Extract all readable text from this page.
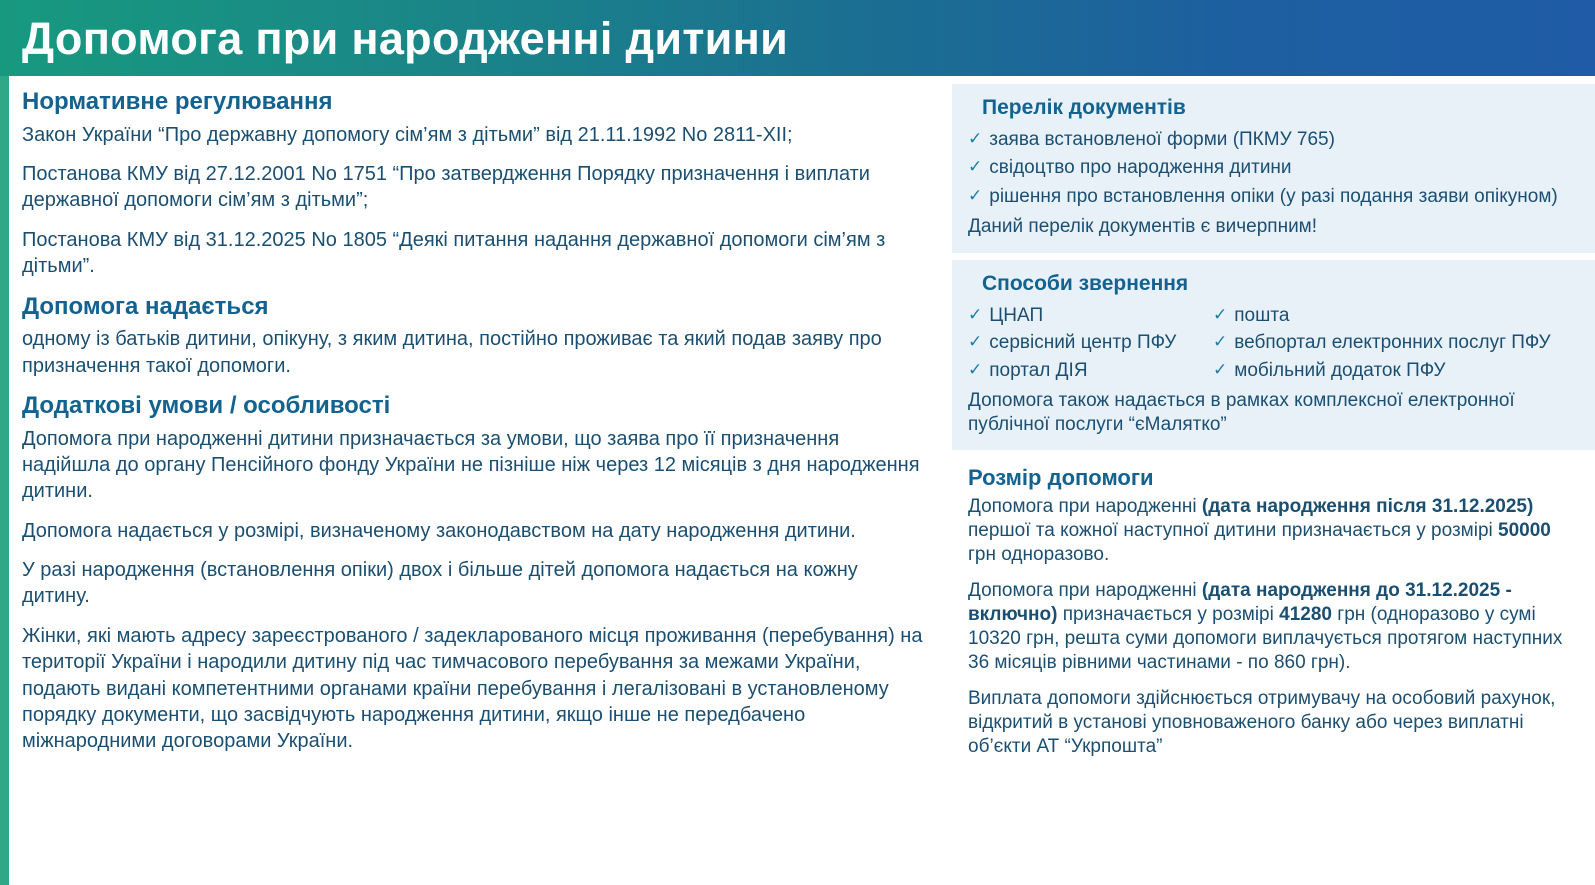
Допомога при народженні дитини
Нормативне регулювання

Закон України “Про державну допомогу сім’ям з дітьми” від 21.11.1992 No 2811-XII;

Постанова КМУ від 27.12.2001 No 1751 “Про затвердження Порядку призначення і виплати державної допомоги сім’ям з дітьми”;

Постанова КМУ від 31.12.2025 No 1805 “Деякі питання надання державної допомоги сім’ям з дітьми”.

Допомога надається

одному із батьків дитини, опікуну, з яким дитина, постійно проживає та який подав заяву про призначення такої допомоги.

Додаткові умови / особливості

Допомога при народженні дитини призначається за умови, що заява про її призначення надійшла до органу Пенсійного фонду України не пізніше ніж через 12 місяців з дня народження дитини.

Допомога надається у розмірі, визначеному законодавством на дату народження дитини.

У разі народження (встановлення опіки) двох і більше дітей допомога надається на кожну дитину.

Жінки, які мають адресу зареєстрованого / задекларованого місця проживання (перебування) на території України і народили дитину під час тимчасового перебування за межами України, подають видані компетентними органами країни перебування і легалізовані в установленому порядку документи, що засвідчують народження дитини, якщо інше не передбачено міжнародними договорами України.

Перелік документів
✓ заява встановленої форми (ПКМУ 765)
✓ свідоцтво про народження дитини
✓ рішення про встановлення опіки (у разі подання заяви опікуном)

Даний перелік документів є вичерпним!

Способи звернення
✓ ЦНАП	✓ пошта
✓ сервісний центр ПФУ	✓ вебпортал електронних послуг ПФУ
✓ портал ДІЯ	✓ мобільний додаток ПФУ

Допомога також надається в рамках комплексної електронної публічної послуги “єМалятко”

Розмір допомоги

Допомога при народженні (дата народження після 31.12.2025) першої та кожної наступної дитини призначається у розмірі 50000 грн одноразово.

Допомога при народженні (дата народження до 31.12.2025 - включно) призначається у розмірі 41280 грн (одноразово у сумі 10320 грн, решта суми допомоги виплачується протягом наступних 36 місяців рівними частинами - по 860 грн).

Виплата допомоги здійснюється отримувачу на особовий рахунок, відкритий в установі уповноваженого банку або через виплатні об’єкти АТ “Укрпошта”
